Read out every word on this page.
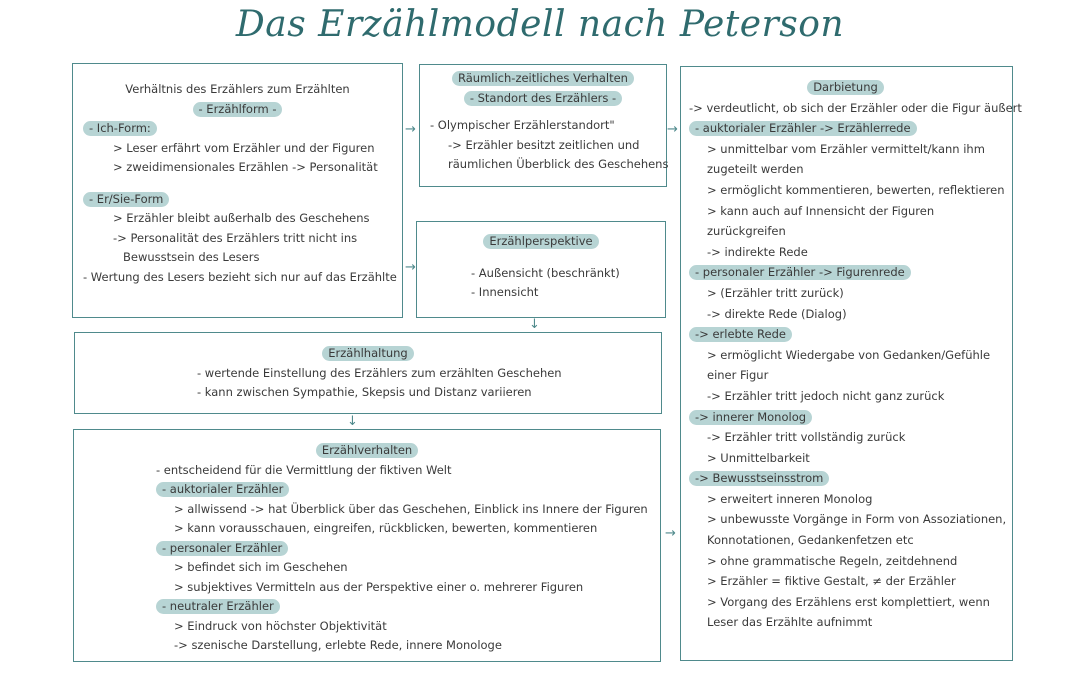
Das Erzählmodell nach Peterson
Verhältnis des Erzählers zum Erzählten
- Erzählform -
- Ich-Form:
> Leser erfährt vom Erzähler und der Figuren
> zweidimensionales Erzählen -> Personalität
- Er/Sie-Form
> Erzähler bleibt außerhalb des Geschehens
-> Personalität des Erzählers tritt nicht ins
Bewusstsein des Lesers
- Wertung des Lesers bezieht sich nur auf das Erzählte
Räumlich-zeitliches Verhalten
- Standort des Erzählers -
- Olympischer Erzählerstandort"
-> Erzähler besitzt zeitlichen und
räumlichen Überblick des Geschehens
Erzählperspektive
- Außensicht (beschränkt)
- Innensicht
Erzählhaltung
- wertende Einstellung des Erzählers zum erzählten Geschehen
- kann zwischen Sympathie, Skepsis und Distanz variieren
Erzählverhalten
- entscheidend für die Vermittlung der fiktiven Welt
- auktorialer Erzähler
> allwissend -> hat Überblick über das Geschehen, Einblick ins Innere der Figuren
> kann vorausschauen, eingreifen, rückblicken, bewerten, kommentieren
- personaler Erzähler
> befindet sich im Geschehen
> subjektives Vermitteln aus der Perspektive einer o. mehrerer Figuren
- neutraler Erzähler
> Eindruck von höchster Objektivität
-> szenische Darstellung, erlebte Rede, innere Monologe
Darbietung
-> verdeutlicht, ob sich der Erzähler oder die Figur äußert
- auktorialer Erzähler -> Erzählerrede
> unmittelbar vom Erzähler vermittelt/kann ihm
zugeteilt werden
> ermöglicht kommentieren, bewerten, reflektieren
> kann auch auf Innensicht der Figuren
zurückgreifen
-> indirekte Rede
- personaler Erzähler -> Figurenrede
> (Erzähler tritt zurück)
-> direkte Rede (Dialog)
-> erlebte Rede
> ermöglicht Wiedergabe von Gedanken/Gefühle
einer Figur
-> Erzähler tritt jedoch nicht ganz zurück
-> innerer Monolog
-> Erzähler tritt vollständig zurück
> Unmittelbarkeit
-> Bewusstseinsstrom
> erweitert inneren Monolog
> unbewusste Vorgänge in Form von Assoziationen,
Konnotationen, Gedankenfetzen etc
> ohne grammatische Regeln, zeitdehnend
> Erzähler = fiktive Gestalt, ≠ der Erzähler
> Vorgang des Erzählens erst komplettiert, wenn
Leser das Erzählte aufnimmt
→
→
→
↓
↓
→
